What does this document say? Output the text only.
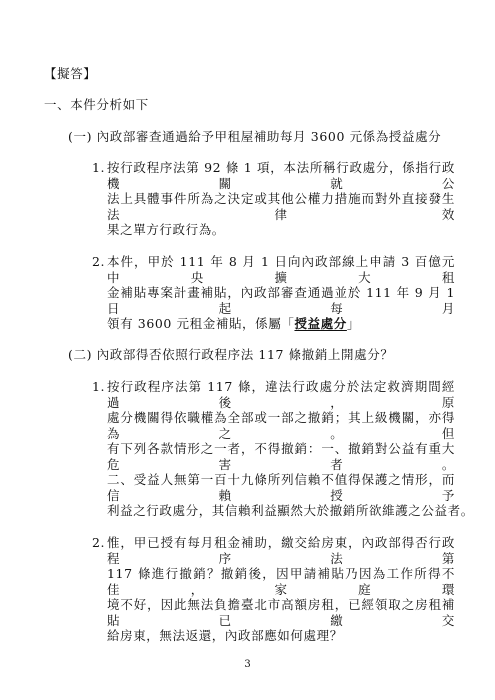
【擬答】
一、本件分析如下
(一) 內政部審查通過給予甲租屋補助每月 3600 元係為授益處分
1. 按行政程序法第 92 條 1 項，本法所稱行政處分，係指行政機關就公
法上具體事件所為之決定或其他公權力措施而對外直接發生法律效
果之單方行政行為。
2. 本件，甲於 111 年 8 月 1 日向內政部線上申請 3 百億元中央擴大租
金補貼專案計畫補貼，內政部審查通過並於 111 年 9 月 1 日起每月
領有 3600 元租金補貼，係屬「授益處分」
(二) 內政部得否依照行政程序法 117 條撤銷上開處分？
1. 按行政程序法第 117 條，違法行政處分於法定救濟期間經過後，原
處分機關得依職權為全部或一部之撤銷；其上級機關，亦得為之。但
有下列各款情形之一者，不得撤銷：一、撤銷對公益有重大危害者。
二、受益人無第一百十九條所列信賴不值得保護之情形，而信賴授予
利益之行政處分，其信賴利益顯然大於撤銷所欲維護之公益者。
2. 惟，甲已授有每月租金補助，繳交給房東，內政部得否行政程序法第
117 條進行撤銷？撤銷後，因甲請補貼乃因為工作所得不佳，家庭環
境不好，因此無法負擔臺北市高額房租，已經領取之房租補貼已繳交
給房東，無法返還，內政部應如何處理？
3
